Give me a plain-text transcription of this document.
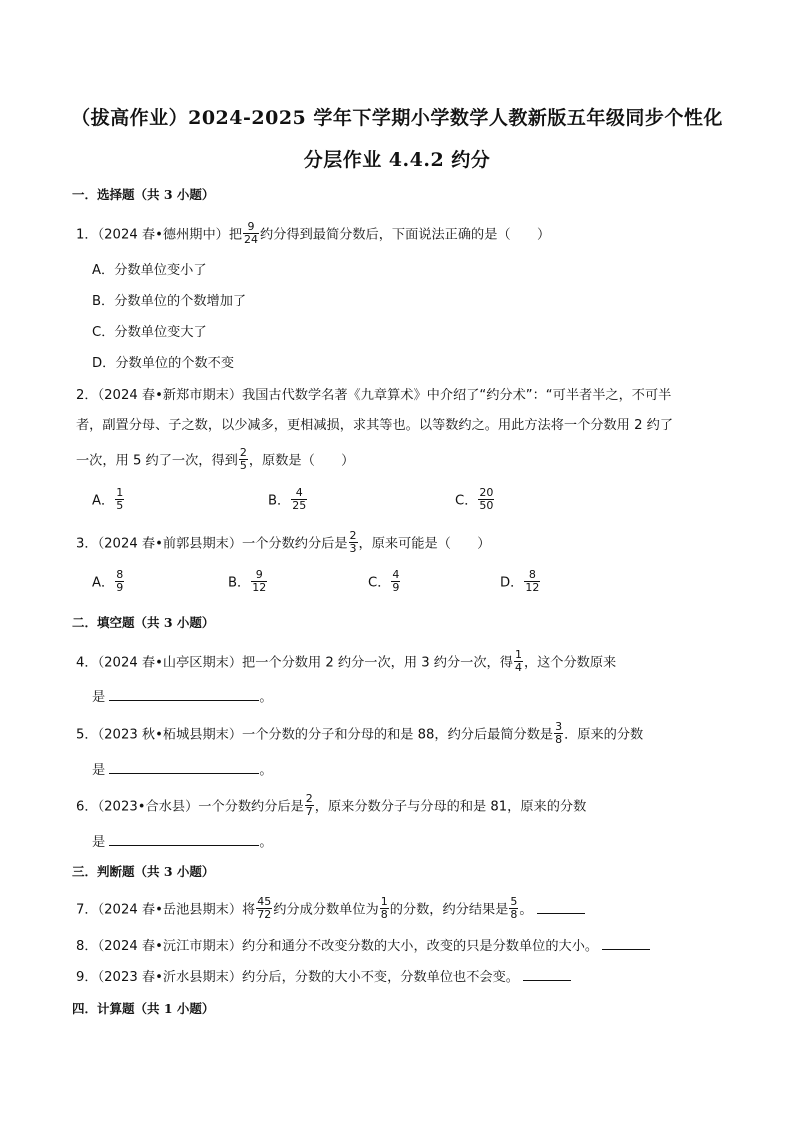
（拔高作业）2024-2025 学年下学期小学数学人教新版五年级同步个性化
分层作业 4.4.2 约分
一．选择题（共 3 小题）
1．（2024 春•德州期中）把 $\frac{9}{24}$ 约分得到最简分数后，下面说法正确的是（　　）
A．分数单位变小了
B．分数单位的个数增加了
C．分数单位变大了
D．分数单位的个数不变
2．（2024 春•新郑市期末）我国古代数学名著《九章算术》中介绍了“约分术”：“可半者半之，不可半
者，副置分母、子之数，以少减多，更相减损，求其等也。以等数约之。用此方法将一个分数用 2 约了
一次，用 5 约了一次，得到 $\frac{2}{5}$ ，原数是（　　）
A． $\frac{1}{5}$	B． $\frac{4}{25}$	C． $\frac{20}{50}$
3．（2024 春•前郭县期末）一个分数约分后是 $\frac{2}{3}$ ，原来可能是（　　）
A． $\frac{8}{9}$	B． $\frac{9}{12}$	C． $\frac{4}{9}$	D． $\frac{8}{12}$
二．填空题（共 3 小题）
4．（2024 春•山亭区期末）把一个分数用 2 约分一次，用 3 约分一次，得 $\frac{1}{4}$ ，这个分数原来
是	。
5．（2023 秋•柘城县期末）一个分数的分子和分母的和是 88，约分后最简分数是 $\frac{3}{8}$ ．原来的分数
是	。
6．（2023•合水县）一个分数约分后是 $\frac{2}{7}$ ，原来分数分子与分母的和是 81，原来的分数
是	。
三．判断题（共 3 小题）
7．（2024 春•岳池县期末）将 $\frac{45}{72}$ 约分成分数单位为 $\frac{1}{8}$ 的分数，约分结果是 $\frac{5}{8}$ 。
8．（2024 春•沅江市期末）约分和通分不改变分数的大小，改变的只是分数单位的大小。
9．（2023 春•沂水县期末）约分后，分数的大小不变，分数单位也不会变。
四．计算题（共 1 小题）
